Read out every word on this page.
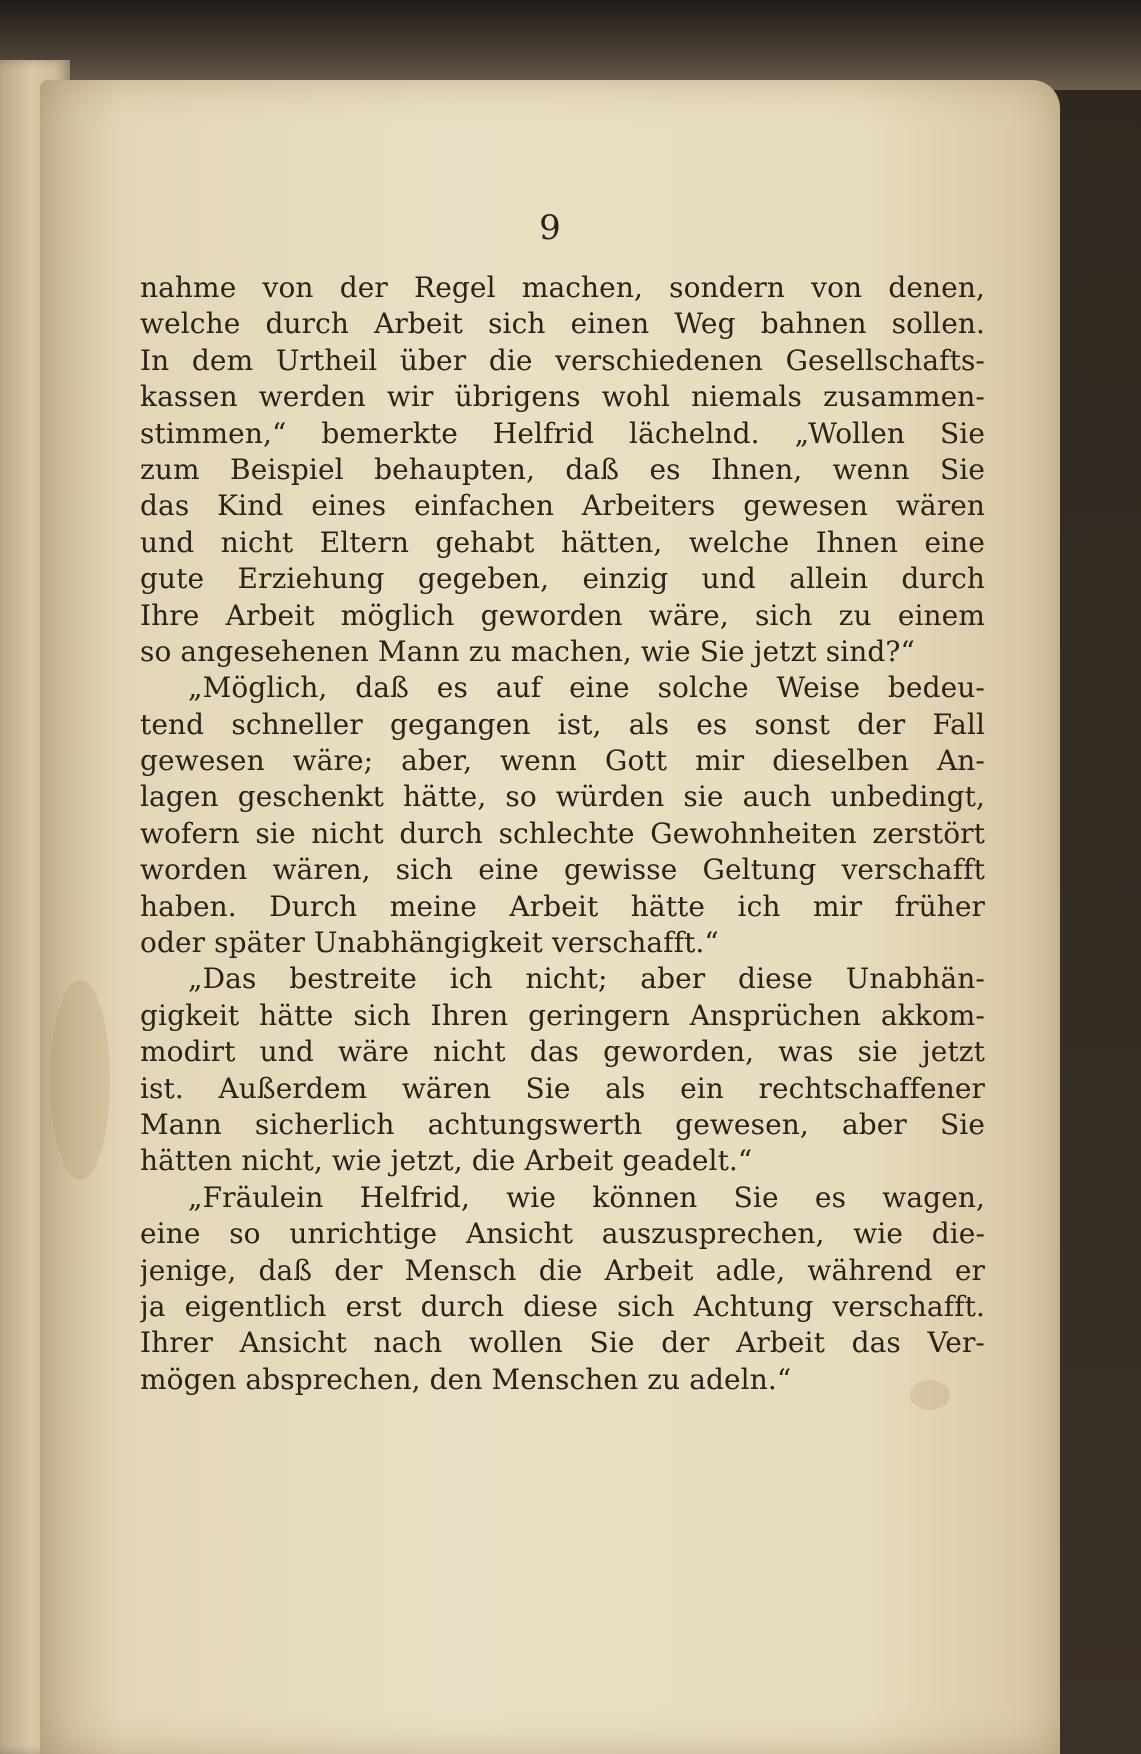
9
nahme von der Regel machen, sondern von denen,
welche durch Arbeit sich einen Weg bahnen sollen.
In dem Urtheil über die verschiedenen Gesellschafts-
kassen werden wir übrigens wohl niemals zusammen-
stimmen,“ bemerkte Helfrid lächelnd. „Wollen Sie
zum Beispiel behaupten, daß es Ihnen, wenn Sie
das Kind eines einfachen Arbeiters gewesen wären
und nicht Eltern gehabt hätten, welche Ihnen eine
gute Erziehung gegeben, einzig und allein durch
Ihre Arbeit möglich geworden wäre, sich zu einem
so angesehenen Mann zu machen, wie Sie jetzt sind?“
„Möglich, daß es auf eine solche Weise bedeu-
tend schneller gegangen ist, als es sonst der Fall
gewesen wäre; aber, wenn Gott mir dieselben An-
lagen geschenkt hätte, so würden sie auch unbedingt,
wofern sie nicht durch schlechte Gewohnheiten zerstört
worden wären, sich eine gewisse Geltung verschafft
haben. Durch meine Arbeit hätte ich mir früher
oder später Unabhängigkeit verschafft.“
„Das bestreite ich nicht; aber diese Unabhän-
gigkeit hätte sich Ihren geringern Ansprüchen akkom-
modirt und wäre nicht das geworden, was sie jetzt
ist. Außerdem wären Sie als ein rechtschaffener
Mann sicherlich achtungswerth gewesen, aber Sie
hätten nicht, wie jetzt, die Arbeit geadelt.“
„Fräulein Helfrid, wie können Sie es wagen,
eine so unrichtige Ansicht auszusprechen, wie die-
jenige, daß der Mensch die Arbeit adle, während er
ja eigentlich erst durch diese sich Achtung verschafft.
Ihrer Ansicht nach wollen Sie der Arbeit das Ver-
mögen absprechen, den Menschen zu adeln.“
